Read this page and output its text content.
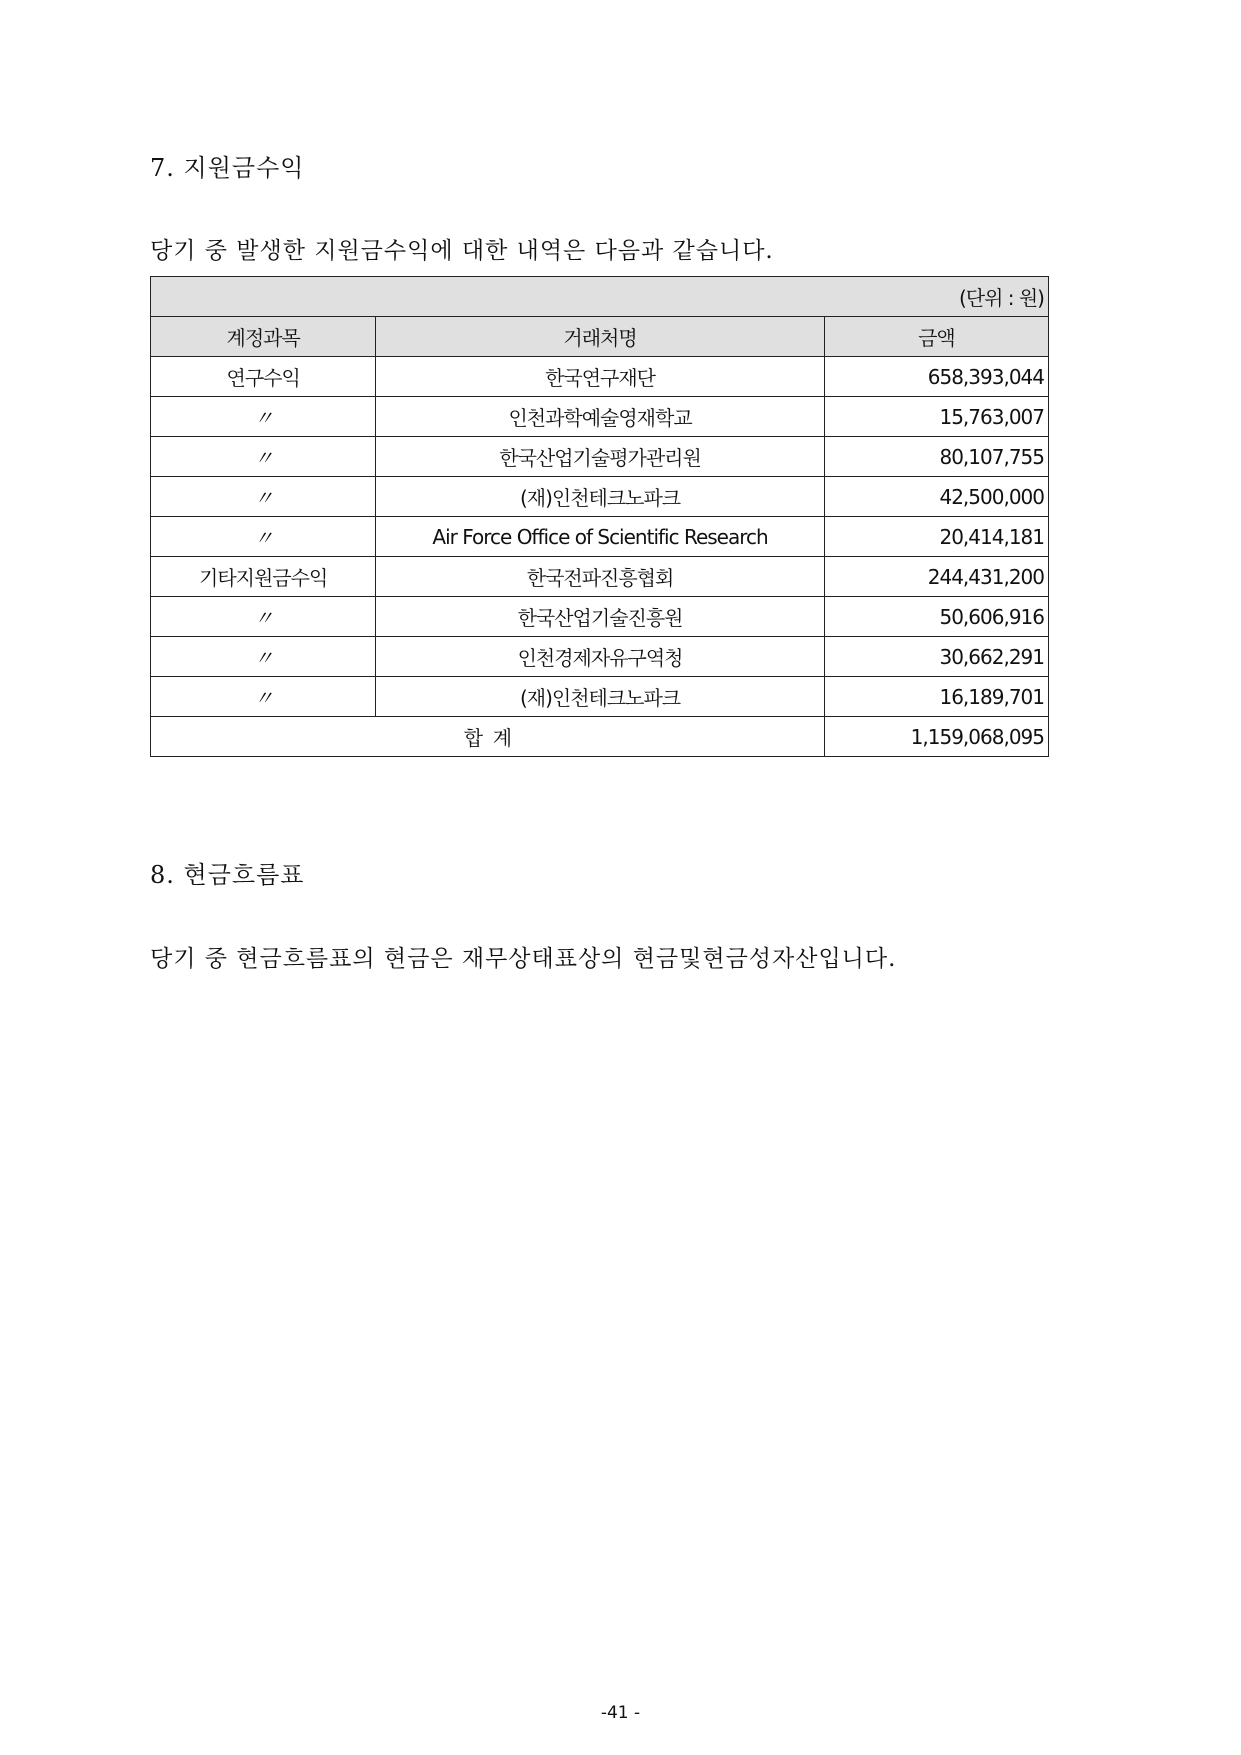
7. 지원금수익
당기 중 발생한 지원금수익에 대한 내역은 다음과 같습니다.
(단위 : 원)		
계정과목	거래처명	금액
연구수익	한국연구재단	658,393,044
〃	인천과학예술영재학교	15,763,007
〃	한국산업기술평가관리원	80,107,755
〃	(재)인천테크노파크	42,500,000
〃	Air Force Office of Scientific Research	20,414,181
기타지원금수익	한국전파진흥협회	244,431,200
〃	한국산업기술진흥원	50,606,916
〃	인천경제자유구역청	30,662,291
〃	(재)인천테크노파크	16,189,701
합  계		1,159,068,095
8. 현금흐름표
당기 중 현금흐름표의 현금은 재무상태표상의 현금및현금성자산입니다.
-41 -
